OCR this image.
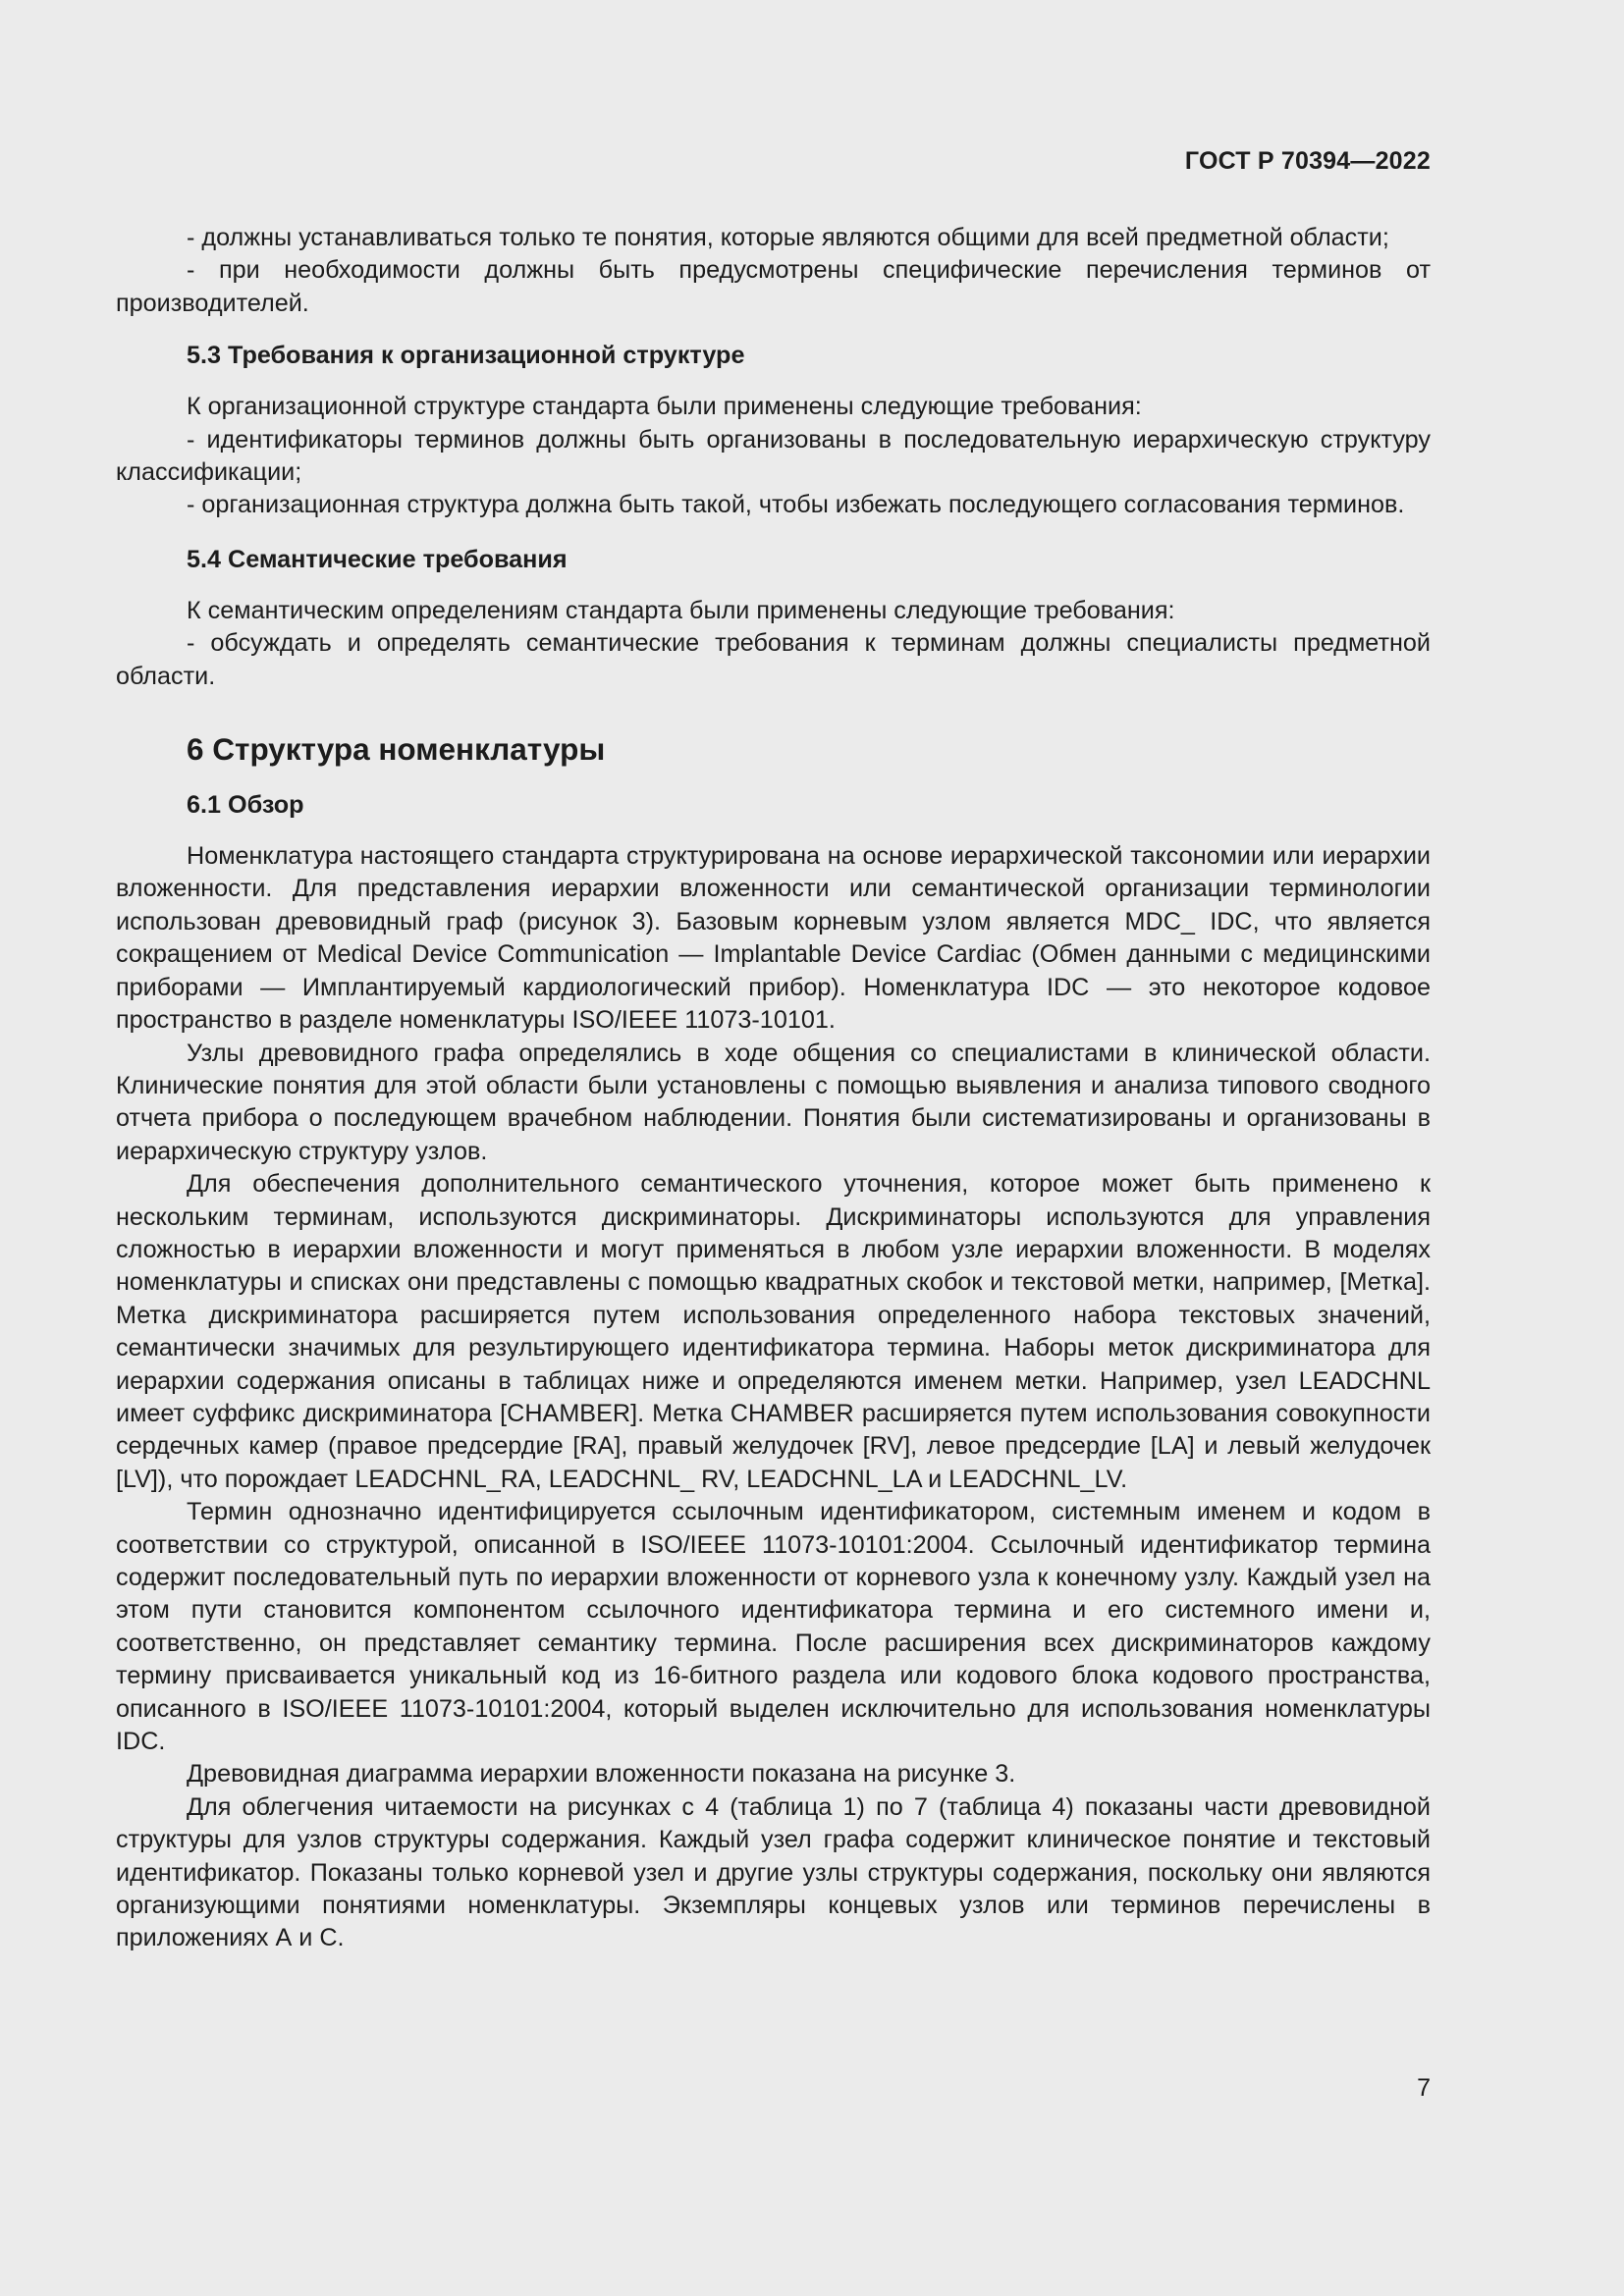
ГОСТ Р 70394—2022

- должны устанавливаться только те понятия, которые являются общими для всей предметной области;

- при необходимости должны быть предусмотрены специфические перечисления терминов от производителей.

5.3 Требования к организационной структуре

К организационной структуре стандарта были применены следующие требования:

- идентификаторы терминов должны быть организованы в последовательную иерархическую структуру классификации;

- организационная структура должна быть такой, чтобы избежать последующего согласования терминов.

5.4 Семантические требования

К семантическим определениям стандарта были применены следующие требования:

- обсуждать и определять семантические требования к терминам должны специалисты предметной области.

6 Структура номенклатуры
6.1 Обзор

Номенклатура настоящего стандарта структурирована на основе иерархической таксономии или иерархии вложенности. Для представления иерархии вложенности или семантической организации терминологии использован древовидный граф (рисунок 3). Базовым корневым узлом является MDC_ IDC, что является сокращением от Medical Device Communication — Implantable Device Cardiac (Обмен данными с медицинскими приборами — Имплантируемый кардиологический прибор). Номенклатура IDC — это некоторое кодовое пространство в разделе номенклатуры ISO/IEEE 11073-10101.

Узлы древовидного графа определялись в ходе общения со специалистами в клинической области. Клинические понятия для этой области были установлены с помощью выявления и анализа типового сводного отчета прибора о последующем врачебном наблюдении. Понятия были систематизированы и организованы в иерархическую структуру узлов.

Для обеспечения дополнительного семантического уточнения, которое может быть применено к нескольким терминам, используются дискриминаторы. Дискриминаторы используются для управления сложностью в иерархии вложенности и могут применяться в любом узле иерархии вложенности. В моделях номенклатуры и списках они представлены с помощью квадратных скобок и текстовой метки, например, [Метка]. Метка дискриминатора расширяется путем использования определенного набора текстовых значений, семантически значимых для результирующего идентификатора термина. Наборы меток дискриминатора для иерархии содержания описаны в таблицах ниже и определяются именем метки. Например, узел LEADCHNL имеет суффикс дискриминатора [CHAMBER]. Метка CHAMBER расширяется путем использования совокупности сердечных камер (правое предсердие [RA], правый желудочек [RV], левое предсердие [LA] и левый желудочек [LV]), что порождает LEADCHNL_RA, LEADCHNL_ RV, LEADCHNL_LA и LEADCHNL_LV.

Термин однозначно идентифицируется ссылочным идентификатором, системным именем и кодом в соответствии со структурой, описанной в ISO/IEEE 11073-10101:2004. Ссылочный идентификатор термина содержит последовательный путь по иерархии вложенности от корневого узла к конечному узлу. Каждый узел на этом пути становится компонентом ссылочного идентификатора термина и его системного имени и, соответственно, он представляет семантику термина. После расширения всех дискриминаторов каждому термину присваивается уникальный код из 16-битного раздела или кодового блока кодового пространства, описанного в ISO/IEEE 11073-10101:2004, который выделен исключительно для использования номенклатуры IDC.

Древовидная диаграмма иерархии вложенности показана на рисунке 3.

Для облегчения читаемости на рисунках с 4 (таблица 1) по 7 (таблица 4) показаны части древовидной структуры для узлов структуры содержания. Каждый узел графа содержит клиническое понятие и текстовый идентификатор. Показаны только корневой узел и другие узлы структуры содержания, поскольку они являются организующими понятиями номенклатуры. Экземпляры концевых узлов или терминов перечислены в приложениях А и С.

7
